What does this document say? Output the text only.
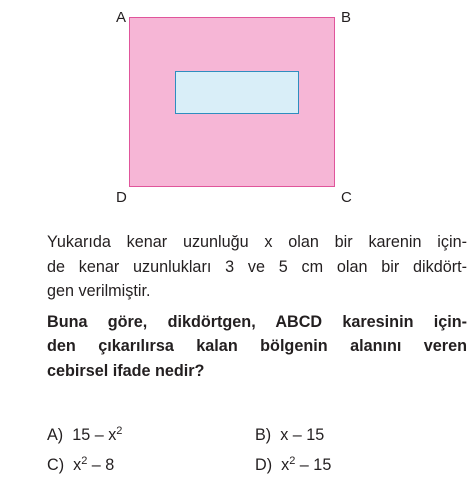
A	B
C
D

Yukarıda kenar uzunluğu x olan bir karenin için-
de kenar uzunlukları 3 ve 5 cm olan bir dikdört-
gen verilmiştir.

Buna göre, dikdörtgen, ABCD karesinin için-
den çıkarılırsa kalan bölgenin alanını veren
cebirsel ifade nedir?

A) $15 - x^2$	B) x – 15
C) $x^2 - 8$	D) $x^2 - 15$
